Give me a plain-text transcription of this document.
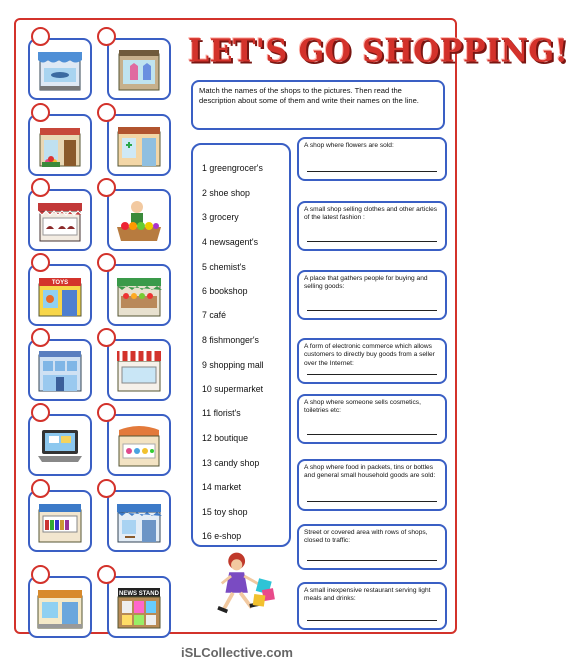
TOYS
NEWS STAND
LET'S GO SHOPPING!
Match the names of the shops to the pictures. Then read the description about some of them and write their names on the line.
1 greengrocer's
2 shoe shop
3 grocery
4 newsagent's
5 chemist's
6 bookshop
7 café
8 fishmonger's
9 shopping mall
10 supermarket
11 florist's
12 boutique
13 candy shop
14 market
15 toy shop
16 e-shop
A shop where flowers are sold:
A small shop selling clothes and other articles of the latest fashion :
A place that gathers people for buying and selling goods:
A form of electronic commerce which allows customers to directly buy goods from a seller over the Internet:
A shop where someone sells cosmetics, toiletries etc:
A shop where food in packets, tins or bottles and general small household goods are sold:
Street or covered area with rows of shops, closed to traffic:
A small inexpensive restaurant serving light meals and drinks:
iSLCollective.com
